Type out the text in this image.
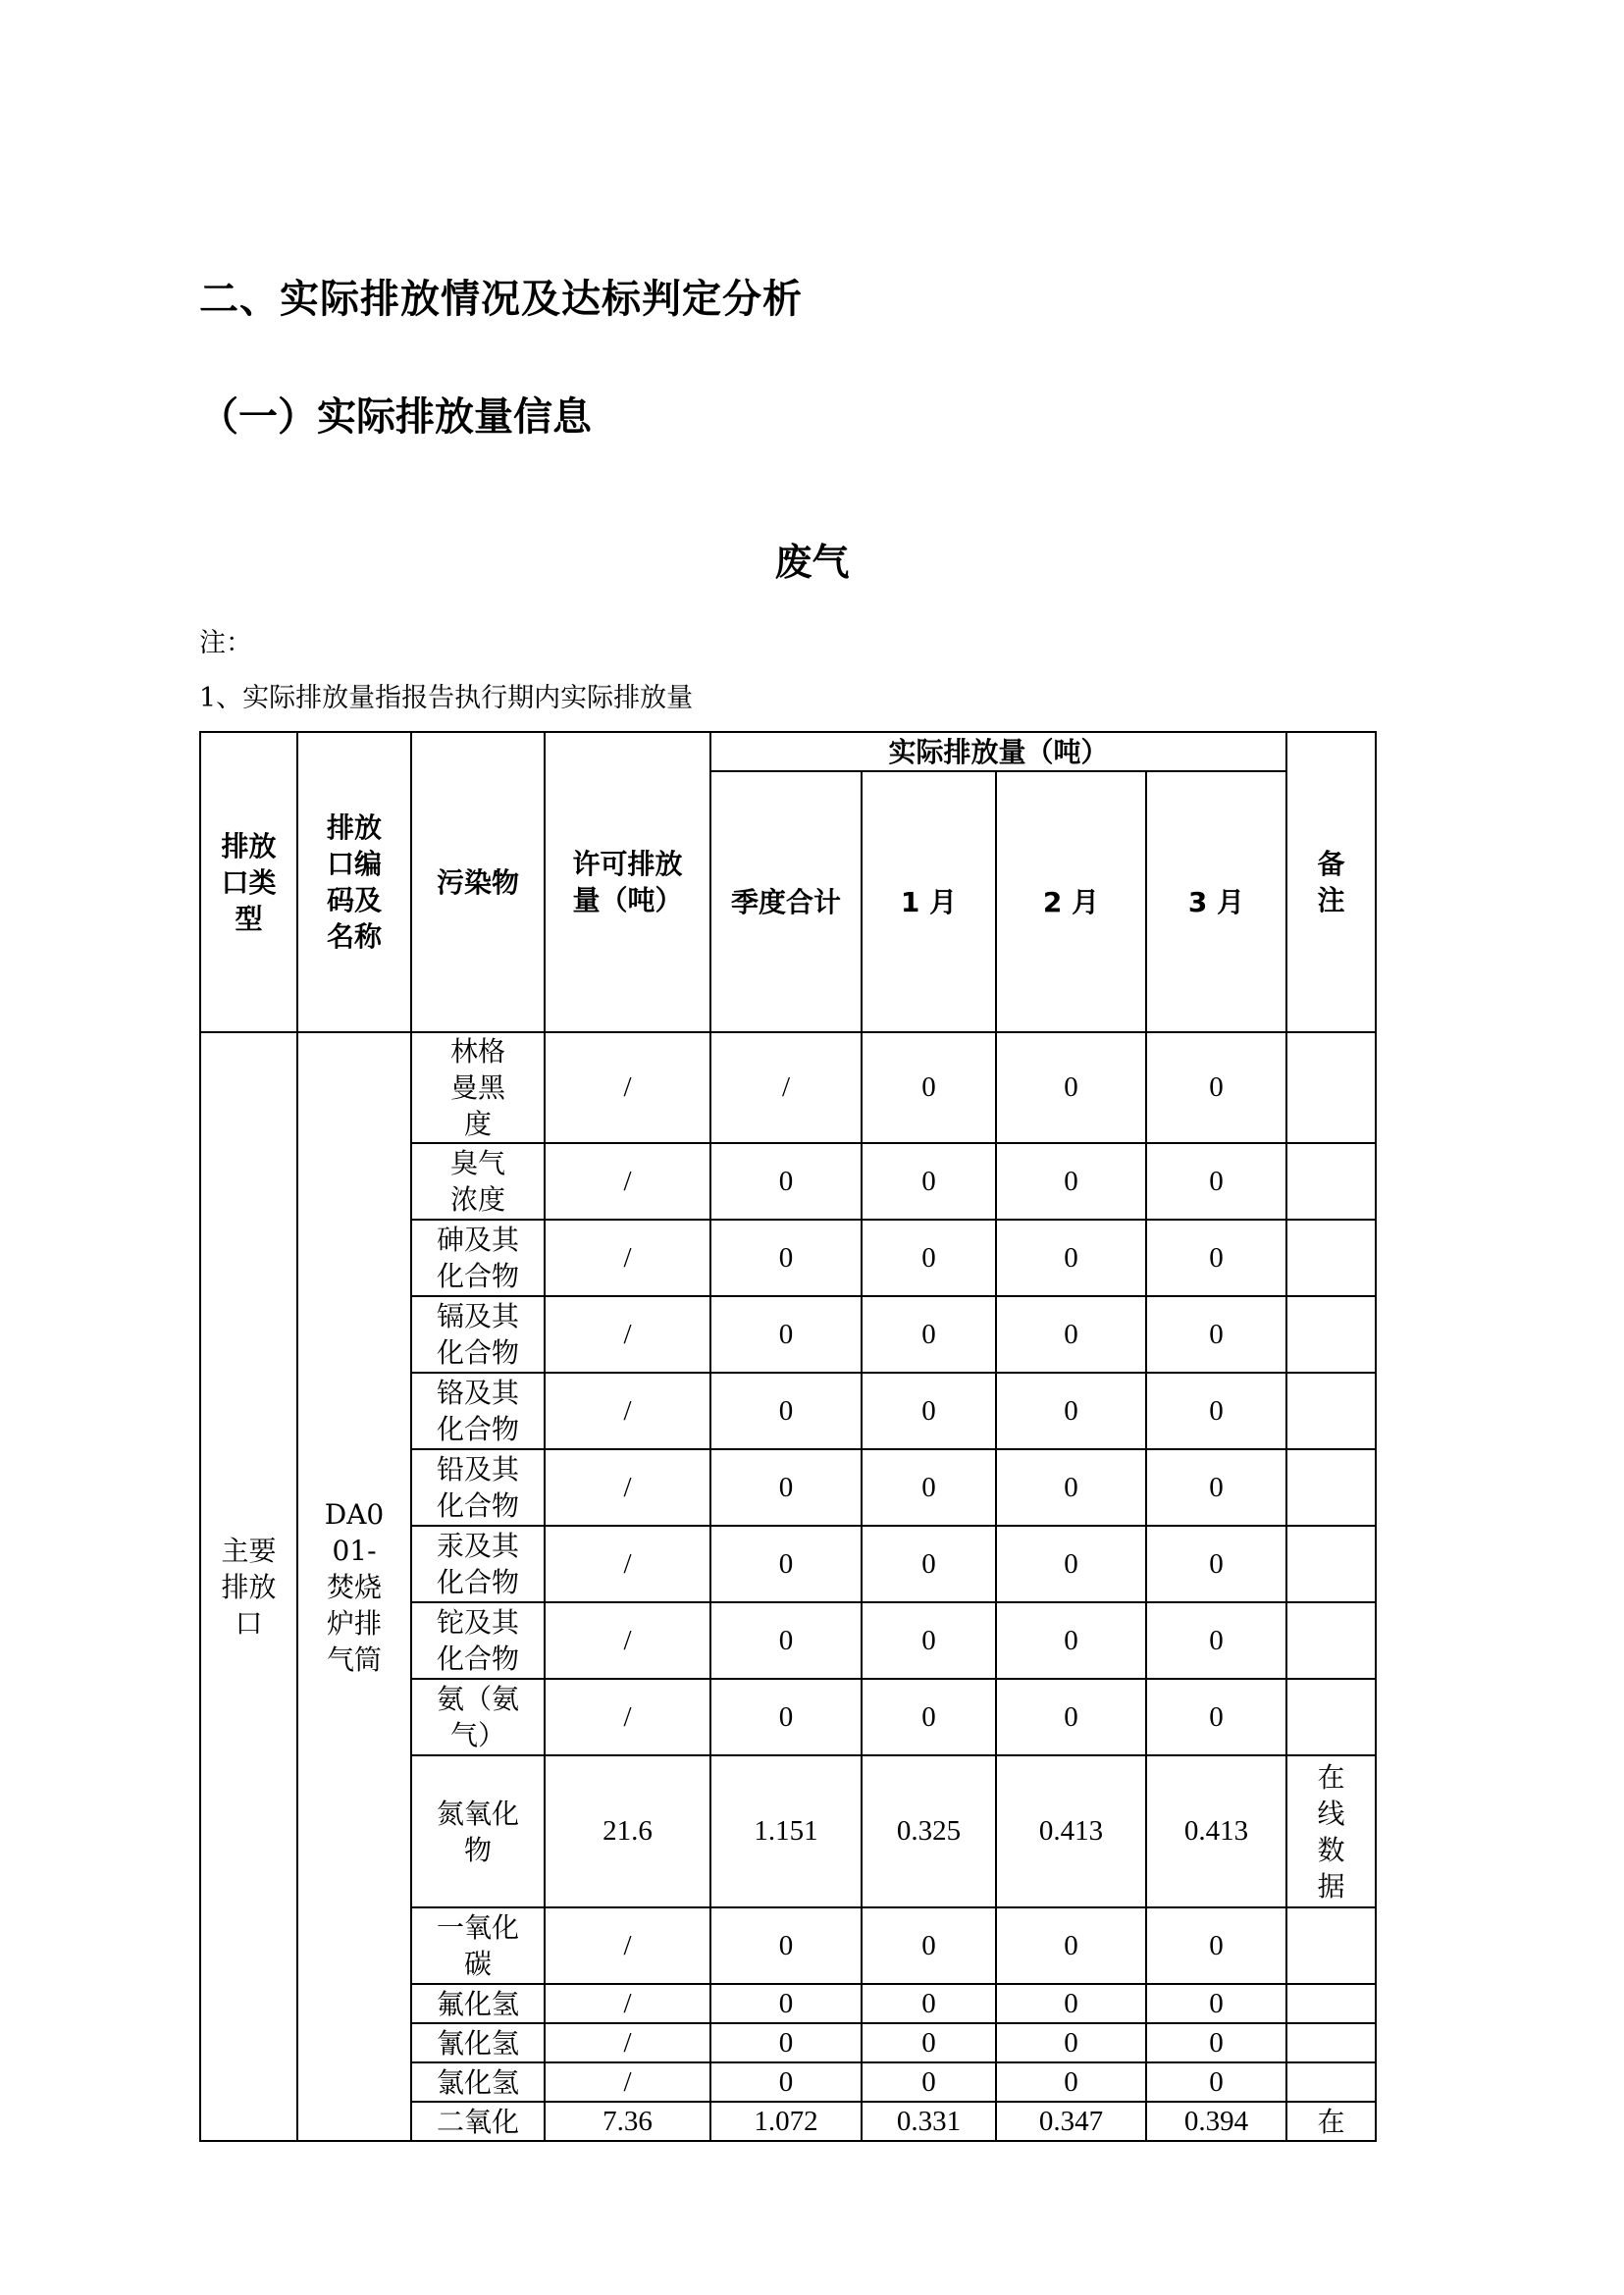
二、实际排放情况及达标判定分析
（一）实际排放量信息
废气
注：
1、实际排放量指报告执行期内实际排放量
排放口类型	排放口编码及名称	污染物	许可排放量（吨）	实际排放量（吨）				备注

				季度合计	1 月	2 月	3 月	

主要排放口	DA001-焚烧炉排气筒	林格曼黑度	/	/	0	0	0	

		臭气浓度	/	0	0	0	0	

		砷及其化合物	/	0	0	0	0	

		镉及其化合物	/	0	0	0	0	

		铬及其化合物	/	0	0	0	0	

		铅及其化合物	/	0	0	0	0	

		汞及其化合物	/	0	0	0	0	

		铊及其化合物	/	0	0	0	0	

		氨（氨气）	/	0	0	0	0	

		氮氧化物	21.6	1.151	0.325	0.413	0.413	在线数据

		一氧化碳	/	0	0	0	0	
		氟化氢	/	0	0	0	0	
		氰化氢	/	0	0	0	0	
		氯化氢	/	0	0	0	0	
		二氧化	7.36	1.072	0.331	0.347	0.394	在
